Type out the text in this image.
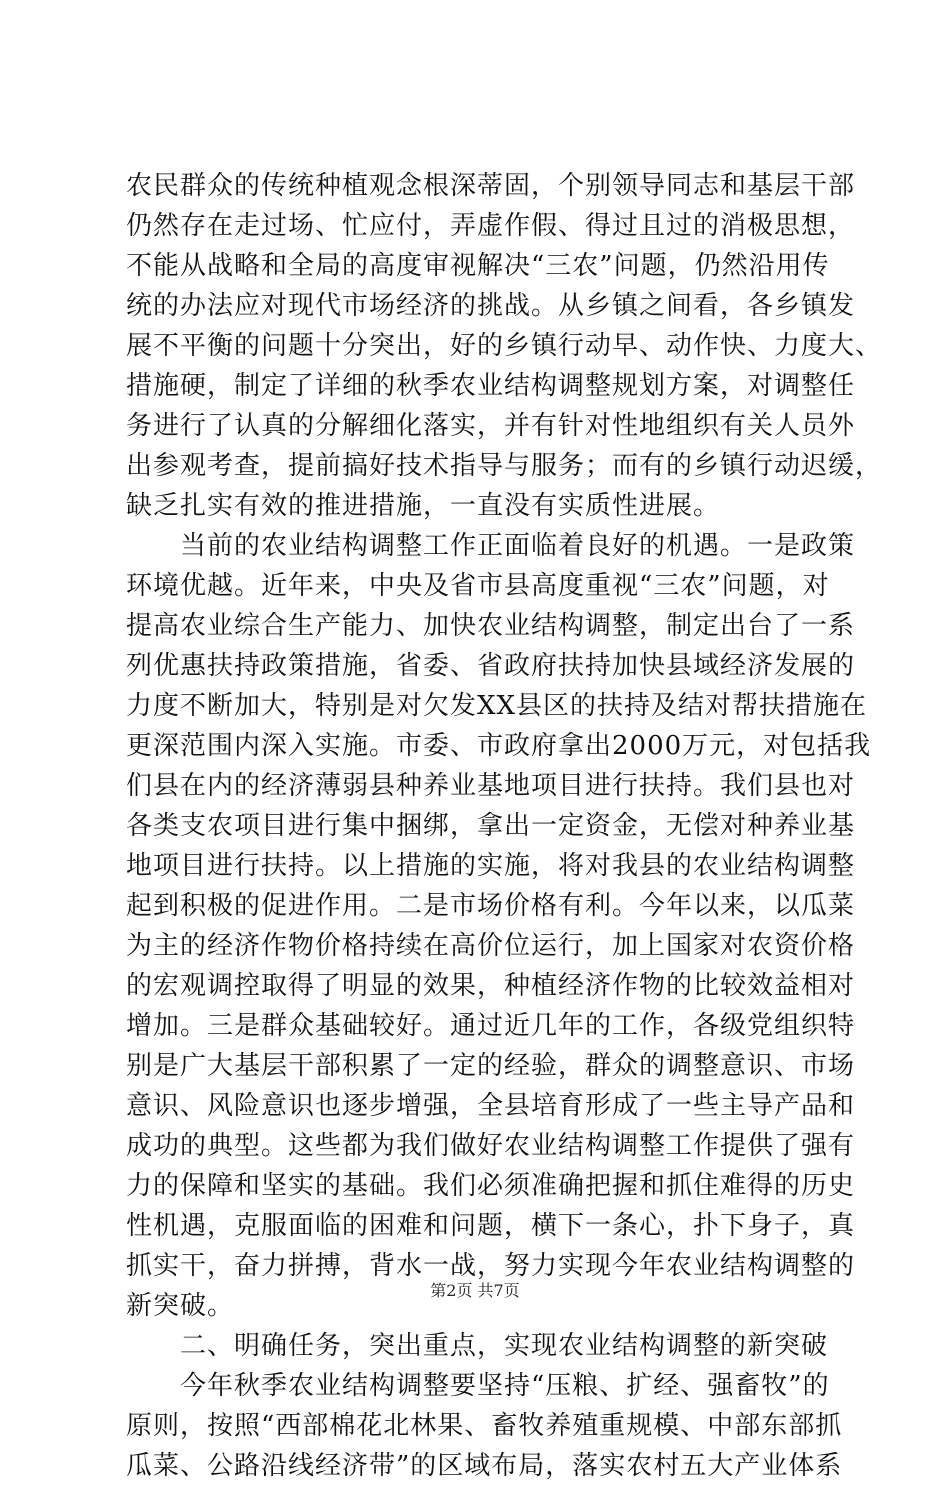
农民群众的传统种植观念根深蒂固，个别领导同志和基层干部
仍然存在走过场、忙应付，弄虚作假、得过且过的消极思想，
不能从战略和全局的高度审视解决“三农”问题，仍然沿用传
统的办法应对现代市场经济的挑战。从乡镇之间看，各乡镇发
展不平衡的问题十分突出，好的乡镇行动早、动作快、力度大、
措施硬，制定了详细的秋季农业结构调整规划方案，对调整任
务进行了认真的分解细化落实，并有针对性地组织有关人员外
出参观考查，提前搞好技术指导与服务；而有的乡镇行动迟缓，
缺乏扎实有效的推进措施，一直没有实质性进展。
　　当前的农业结构调整工作正面临着良好的机遇。一是政策
环境优越。近年来，中央及省市县高度重视“三农”问题，对
提高农业综合生产能力、加快农业结构调整，制定出台了一系
列优惠扶持政策措施，省委、省政府扶持加快县域经济发展的
力度不断加大，特别是对欠发XX县区的扶持及结对帮扶措施在
更深范围内深入实施。市委、市政府拿出2000万元，对包括我
们县在内的经济薄弱县种养业基地项目进行扶持。我们县也对
各类支农项目进行集中捆绑，拿出一定资金，无偿对种养业基
地项目进行扶持。以上措施的实施，将对我县的农业结构调整
起到积极的促进作用。二是市场价格有利。今年以来，以瓜菜
为主的经济作物价格持续在高价位运行，加上国家对农资价格
的宏观调控取得了明显的效果，种植经济作物的比较效益相对
增加。三是群众基础较好。通过近几年的工作，各级党组织特
别是广大基层干部积累了一定的经验，群众的调整意识、市场
意识、风险意识也逐步增强，全县培育形成了一些主导产品和
成功的典型。这些都为我们做好农业结构调整工作提供了强有
力的保障和坚实的基础。我们必须准确把握和抓住难得的历史
性机遇，克服面临的困难和问题，横下一条心，扑下身子，真
抓实干，奋力拼搏，背水一战，努力实现今年农业结构调整的
新突破。
　　二、明确任务，突出重点，实现农业结构调整的新突破
　　今年秋季农业结构调整要坚持“压粮、扩经、强畜牧”的
原则，按照“西部棉花北林果、畜牧养殖重规模、中部东部抓
瓜菜、公路沿线经济带”的区域布局，落实农村五大产业体系
第2页 共7页
